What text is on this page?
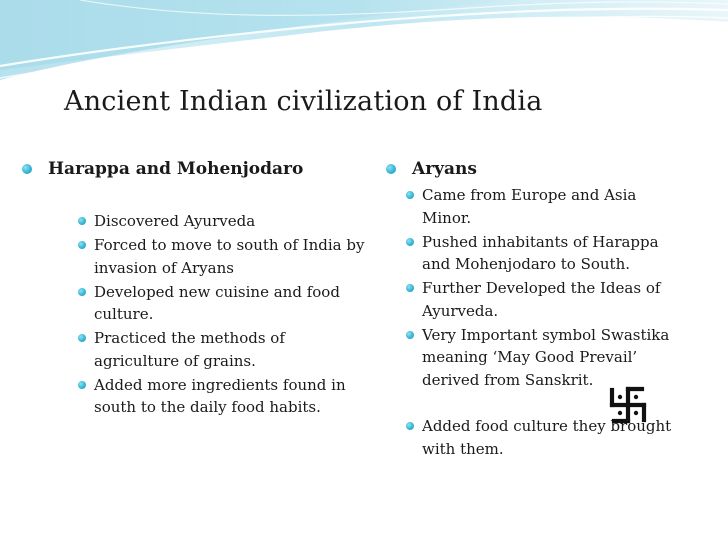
Ancient Indian civilization of India
Harappa and Mohenjodaro
Discovered Ayurveda
Forced to move to south of India by invasion of Aryans
Developed new cuisine and food culture.
Practiced the methods of agriculture of grains.
Added more ingredients found in south to the daily food habits.
Aryans
Came from Europe and Asia Minor.
Pushed inhabitants of Harappa and Mohenjodaro to South.
Further Developed the Ideas of Ayurveda.
Very Important symbol Swastika meaning ‘May Good Prevail’ derived from Sanskrit.
Added food culture they brought with them.
